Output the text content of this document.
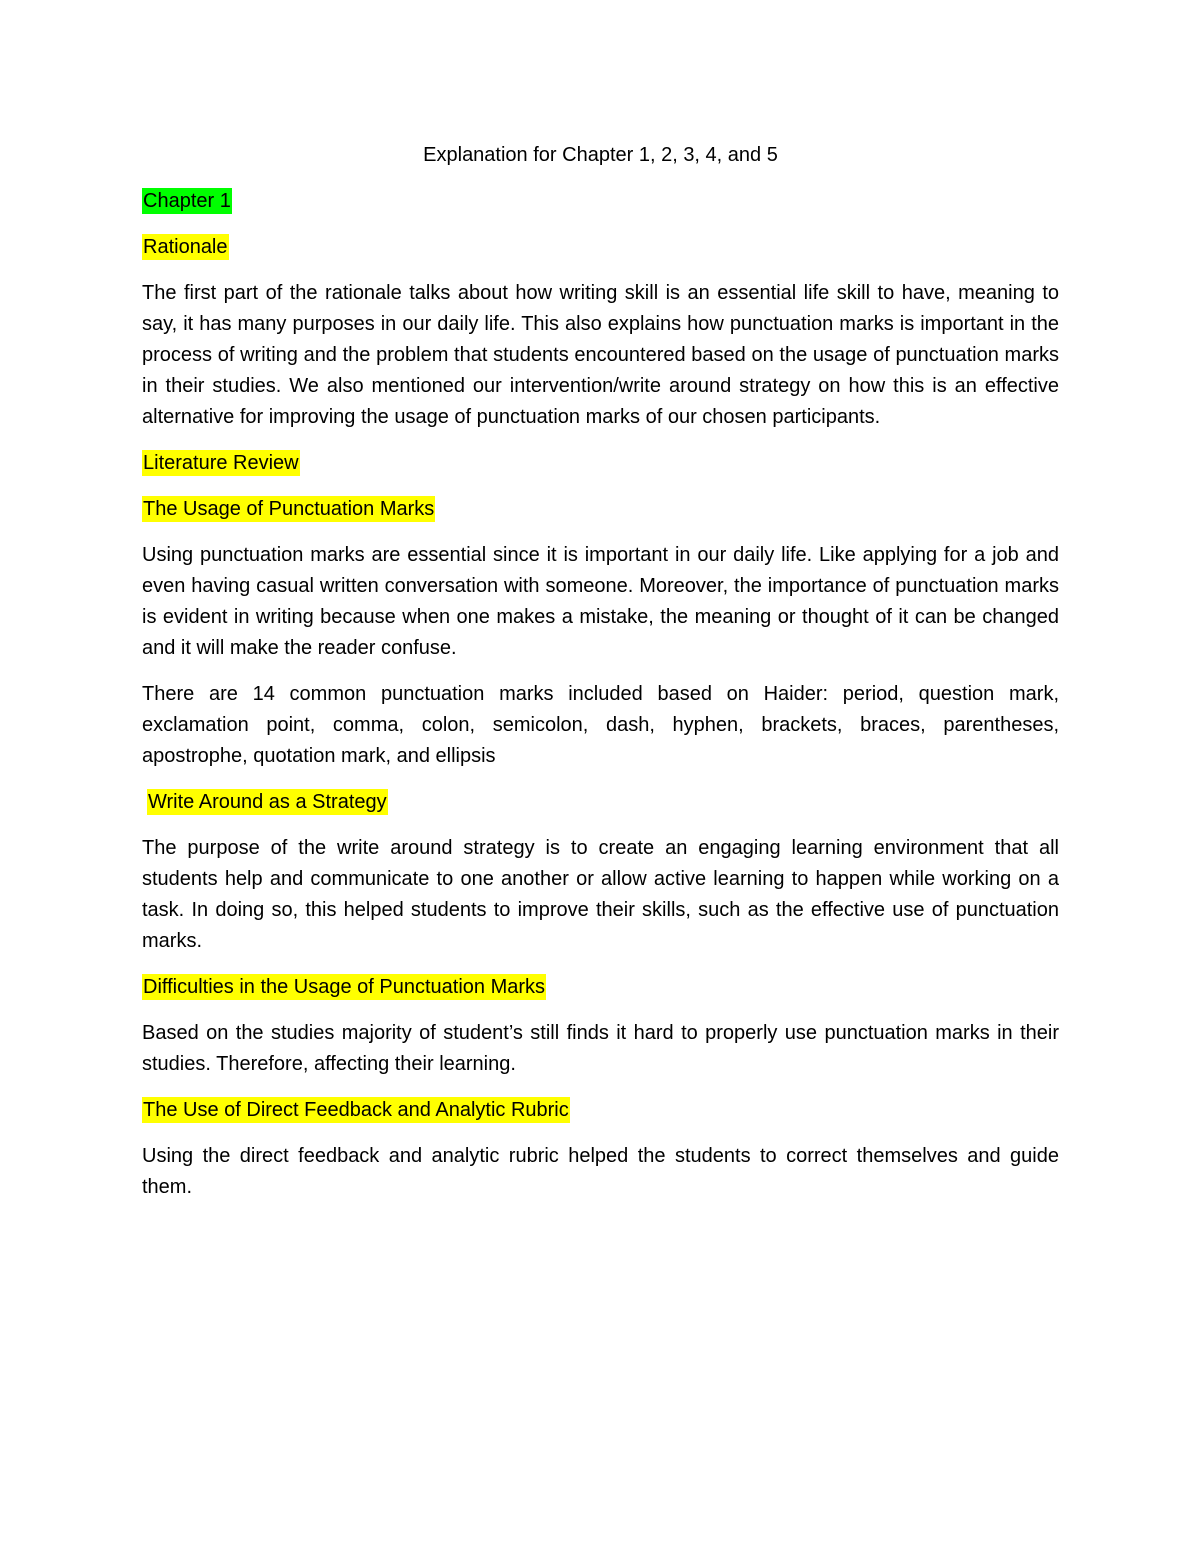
Explanation for Chapter 1, 2, 3, 4, and 5
Chapter 1
Rationale

The first part of the rationale talks about how writing skill is an essential life skill to have, meaning to say, it has many purposes in our daily life. This also explains how punctuation marks is important in the process of writing and the problem that students encountered based on the usage of punctuation marks in their studies. We also mentioned our intervention/write around strategy on how this is an effective alternative for improving the usage of punctuation marks of our chosen participants.

Literature Review
The Usage of Punctuation Marks

Using punctuation marks are essential since it is important in our daily life. Like applying for a job and even having casual written conversation with someone. Moreover, the importance of punctuation marks is evident in writing because when one makes a mistake, the meaning or thought of it can be changed and it will make the reader confuse.

There are 14 common punctuation marks included based on Haider: period, question mark, exclamation point, comma, colon, semicolon, dash, hyphen, brackets, braces, parentheses, apostrophe, quotation mark, and ellipsis

Write Around as a Strategy

The purpose of the write around strategy is to create an engaging learning environment that all students help and communicate to one another or allow active learning to happen while working on a task. In doing so, this helped students to improve their skills, such as the effective use of punctuation marks.

Difficulties in the Usage of Punctuation Marks

Based on the studies majority of student’s still finds it hard to properly use punctuation marks in their studies. Therefore, affecting their learning.

The Use of Direct Feedback and Analytic Rubric

Using the direct feedback and analytic rubric helped the students to correct themselves and guide them.
